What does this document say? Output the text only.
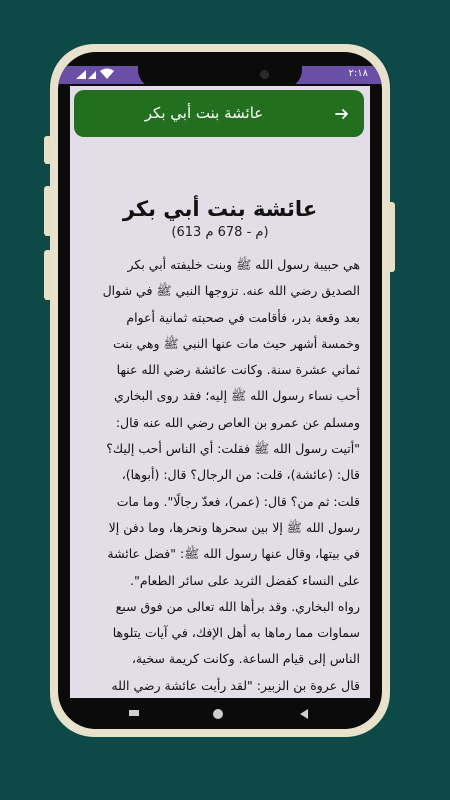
٢:١٨
عائشة بنت أبي بكر
عائشة بنت أبي بكر

(613 م - 678 م)

هي حبيبة رسول الله ﷺ وبنت خليفته أبي بكر
الصديق رضي الله عنه. تزوجها النبي ﷺ في شوال
بعد وقعة بدر، فأقامت في صحبته ثمانية أعوام
وخمسة أشهر حيث مات عنها النبي ﷺ وهي بنت
ثماني عشرة سنة. وكانت عائشة رضي الله عنها
أحب نساء رسول الله ﷺ إليه؛ فقد روى البخاري
ومسلم عن عمرو بن العاص رضي الله عنه قال:
"أتيت رسول الله ﷺ فقلت: أي الناس أحب إليك؟
قال: (عائشة)، قلت: من الرجال؟ قال: (أبوها)،
قلت: ثم من؟ قال: (عمر)، فعدّ رجالًا". وما مات
رسول الله ﷺ إلا بين سحرها ونحرها، وما دفن إلا
في بيتها، وقال عنها رسول الله ﷺ: "فضل عائشة
على النساء كفضل الثريد على سائر الطعام".
رواه البخاري. وقد برأها الله تعالى من فوق سبع
سماوات مما رماها به أهل الإفك، في آيات يتلوها
الناس إلى قيام الساعة. وكانت كريمة سخية،
قال عروة بن الزبير: "لقد رأيت عائشة رضي الله
